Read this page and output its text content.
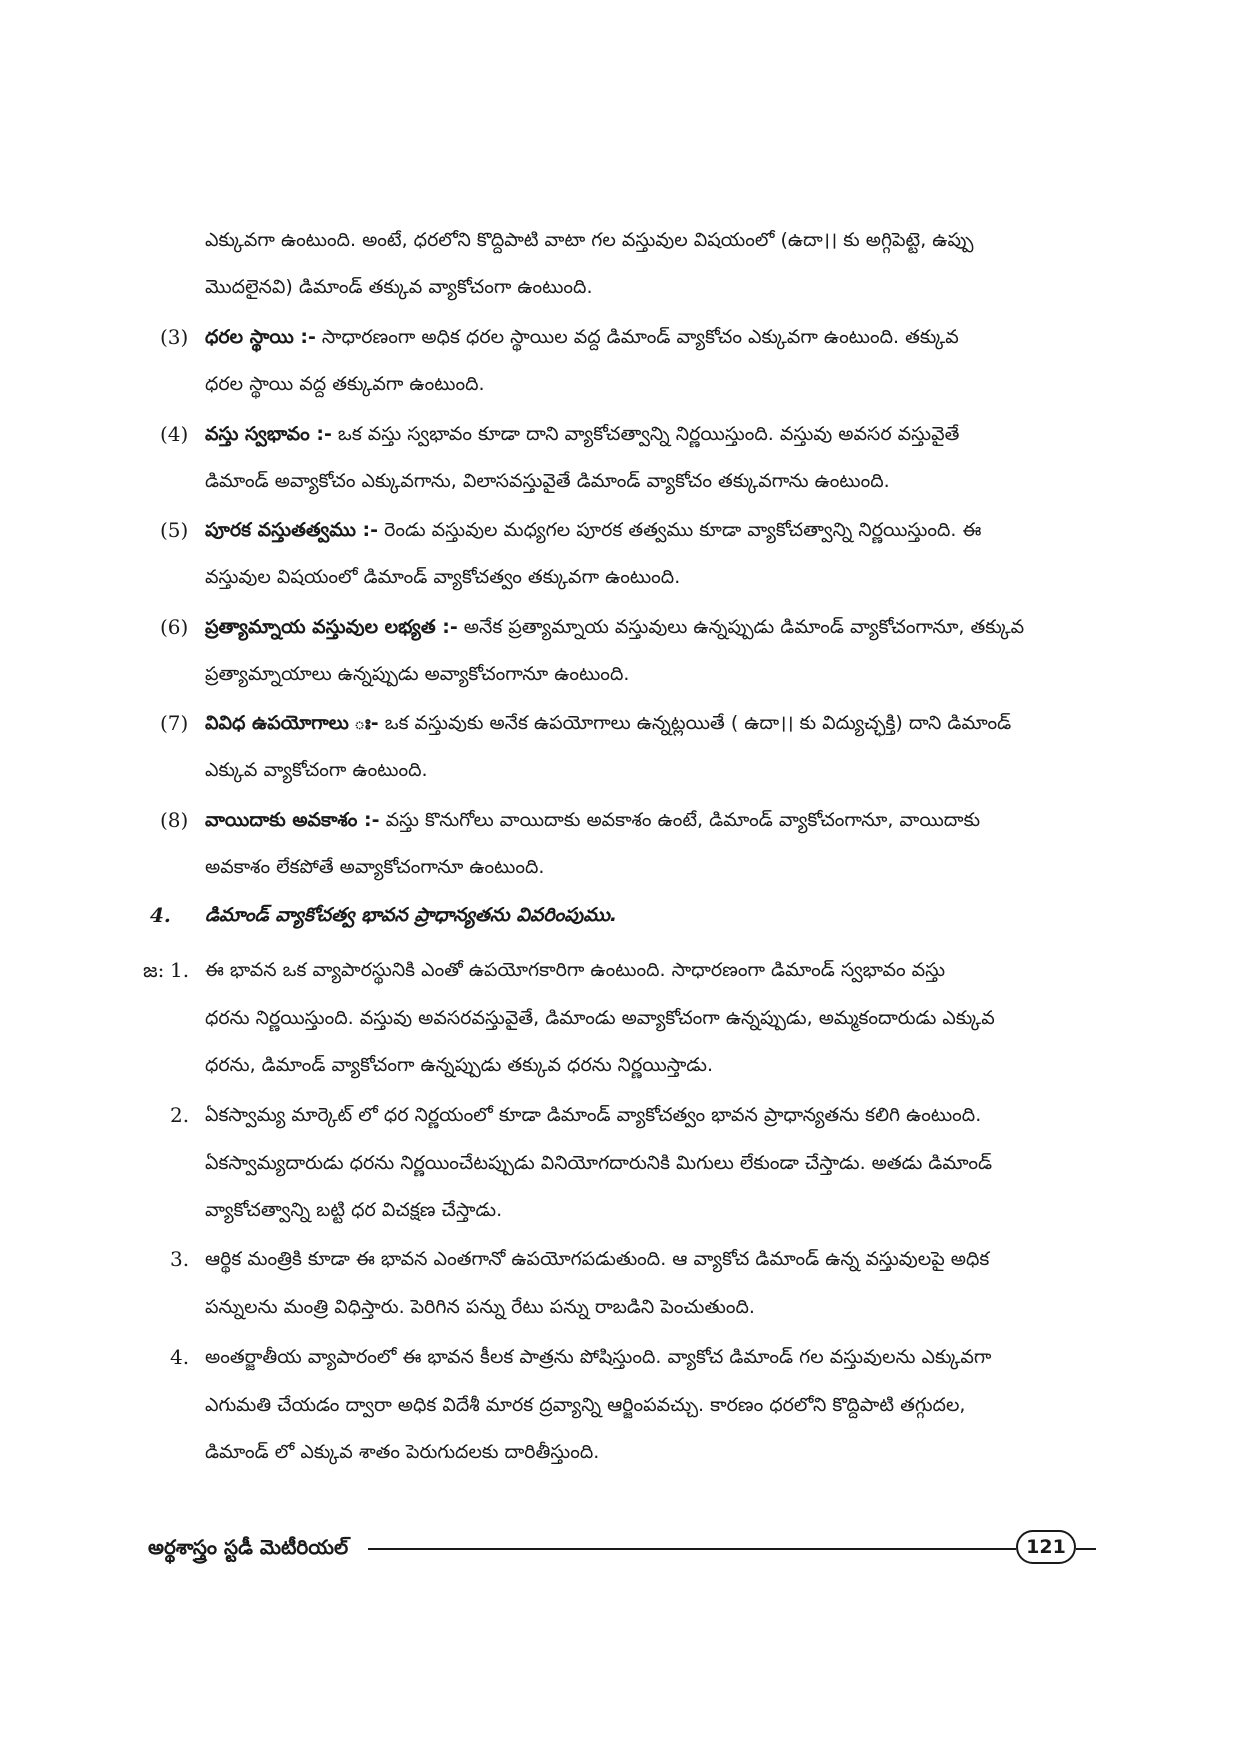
ఎక్కువగా ఉంటుంది. అంటే, ధరలోని కొద్దిపాటి వాటా గల వస్తువుల విషయంలో (ఉదా।। కు అగ్గిపెట్టె, ఉప్పు
మొదలైనవి) డిమాండ్ తక్కువ వ్యాకోచంగా ఉంటుంది.
(3) ధరల స్థాయి :- సాధారణంగా అధిక ధరల స్థాయిల వద్ద డిమాండ్ వ్యాకోచం ఎక్కువగా ఉంటుంది. తక్కువ
ధరల స్థాయి వద్ద తక్కువగా ఉంటుంది.
(4) వస్తు స్వభావం :- ఒక వస్తు స్వభావం కూడా దాని వ్యాకోచత్వాన్ని నిర్ణయిస్తుంది. వస్తువు అవసర వస్తువైతే
డిమాండ్ అవ్యాకోచం ఎక్కువగాను, విలాసవస్తువైతే డిమాండ్ వ్యాకోచం తక్కువగాను ఉంటుంది.
(5) పూరక వస్తుతత్వము :- రెండు వస్తువుల మధ్యగల పూరక తత్వము కూడా వ్యాకోచత్వాన్ని నిర్ణయిస్తుంది. ఈ
వస్తువుల విషయంలో డిమాండ్ వ్యాకోచత్వం తక్కువగా ఉంటుంది.
(6) ప్రత్యామ్నాయ వస్తువుల లభ్యత :- అనేక ప్రత్యామ్నాయ వస్తువులు ఉన్నప్పుడు డిమాండ్ వ్యాకోచంగానూ, తక్కువ
ప్రత్యామ్నాయాలు ఉన్నప్పుడు అవ్యాకోచంగానూ ఉంటుంది.
(7) వివిధ ఉపయోగాలు ః- ఒక వస్తువుకు అనేక ఉపయోగాలు ఉన్నట్లయితే ( ఉదా।। కు విద్యుచ్ఛక్తి) దాని డిమాండ్
ఎక్కువ వ్యాకోచంగా ఉంటుంది.
(8) వాయిదాకు అవకాశం :- వస్తు కొనుగోలు వాయిదాకు అవకాశం ఉంటే, డిమాండ్ వ్యాకోచంగానూ, వాయిదాకు
అవకాశం లేకపోతే అవ్యాకోచంగానూ ఉంటుంది.
4. డిమాండ్ వ్యాకోచత్వ భావన ప్రాధాన్యతను వివరింపుము.
జ: 1. ఈ భావన ఒక వ్యాపారస్థునికి ఎంతో ఉపయోగకారిగా ఉంటుంది. సాధారణంగా డిమాండ్ స్వభావం వస్తు
ధరను నిర్ణయిస్తుంది. వస్తువు అవసరవస్తువైతే, డిమాండు అవ్యాకోచంగా ఉన్నప్పుడు, అమ్మకందారుడు ఎక్కువ
ధరను, డిమాండ్ వ్యాకోచంగా ఉన్నప్పుడు తక్కువ ధరను నిర్ణయిస్తాడు.
2. ఏకస్వామ్య మార్కెట్ లో ధర నిర్ణయంలో కూడా డిమాండ్ వ్యాకోచత్వం భావన ప్రాధాన్యతను కలిగి ఉంటుంది.
ఏకస్వామ్యదారుడు ధరను నిర్ణయించేటప్పుడు వినియోగదారునికి మిగులు లేకుండా చేస్తాడు. అతడు డిమాండ్
వ్యాకోచత్వాన్ని బట్టి ధర విచక్షణ చేస్తాడు.
3. ఆర్థిక మంత్రికి కూడా ఈ భావన ఎంతగానో ఉపయోగపడుతుంది. ఆ వ్యాకోచ డిమాండ్ ఉన్న వస్తువులపై అధిక
పన్నులను మంత్రి విధిస్తారు. పెరిగిన పన్ను రేటు పన్ను రాబడిని పెంచుతుంది.
4. అంతర్జాతీయ వ్యాపారంలో ఈ భావన కీలక పాత్రను పోషిస్తుంది. వ్యాకోచ డిమాండ్ గల వస్తువులను ఎక్కువగా
ఎగుమతి చేయడం ద్వారా అధిక విదేశీ మారక ద్రవ్యాన్ని ఆర్జింపవచ్చు. కారణం ధరలోని కొద్దిపాటి తగ్గుదల,
డిమాండ్ లో ఎక్కువ శాతం పెరుగుదలకు దారితీస్తుంది.
అర్థశాస్త్రం స్టడీ మెటీరియల్	121
